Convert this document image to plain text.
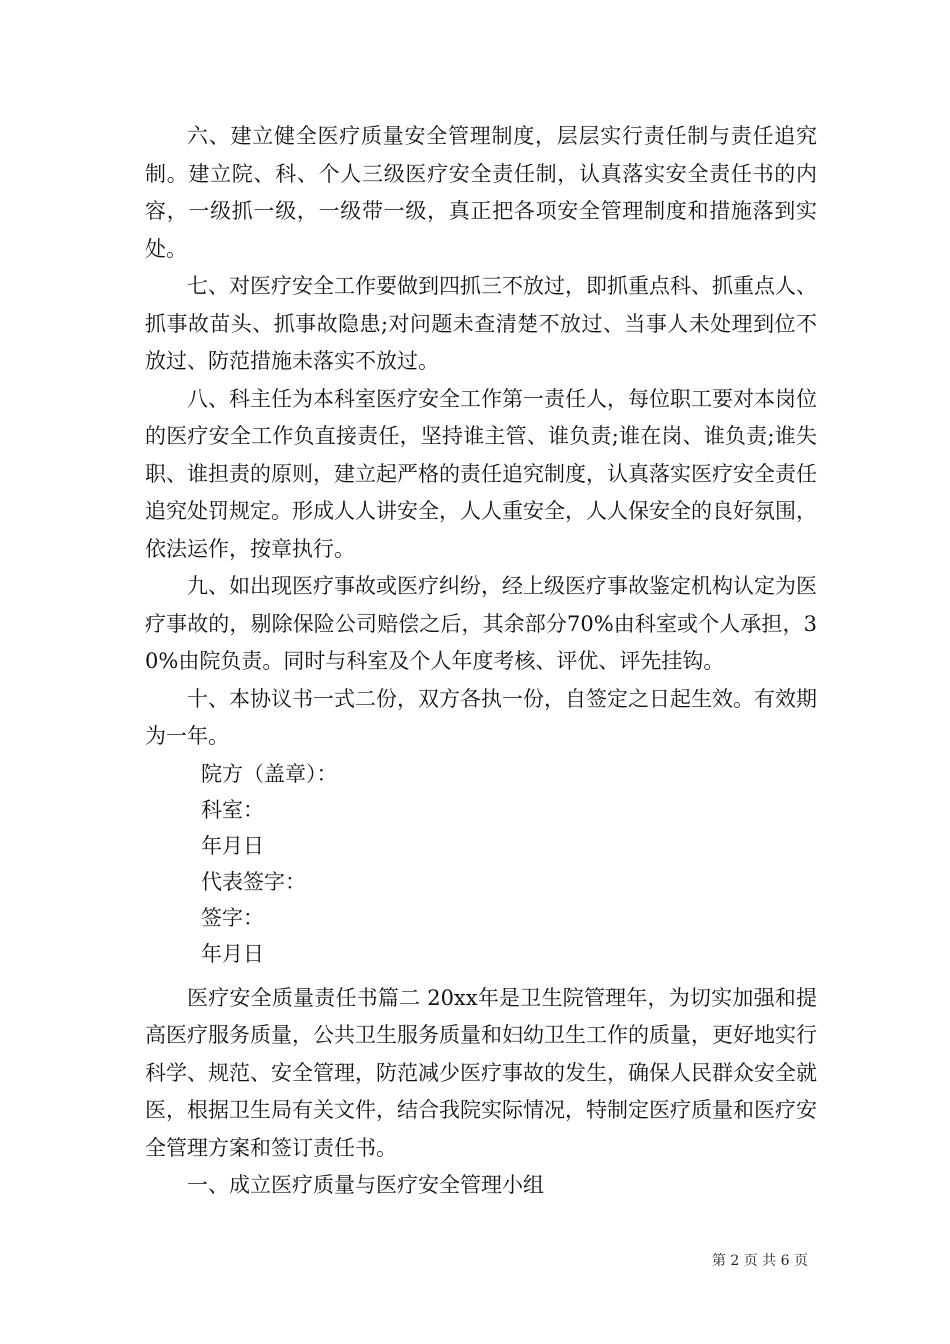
六、建立健全医疗质量安全管理制度，层层实行责任制与责任追究制。建立院、科、个人三级医疗安全责任制，认真落实安全责任书的内容，一级抓一级，一级带一级，真正把各项安全管理制度和措施落到实处。

七、对医疗安全工作要做到四抓三不放过，即抓重点科、抓重点人、抓事故苗头、抓事故隐患;对问题未查清楚不放过、当事人未处理到位不放过、防范措施未落实不放过。

八、科主任为本科室医疗安全工作第一责任人，每位职工要对本岗位的医疗安全工作负直接责任，坚持谁主管、谁负责;谁在岗、谁负责;谁失职、谁担责的原则，建立起严格的责任追究制度，认真落实医疗安全责任追究处罚规定。形成人人讲安全，人人重安全，人人保安全的良好氛围，依法运作，按章执行。

九、如出现医疗事故或医疗纠纷，经上级医疗事故鉴定机构认定为医疗事故的，剔除保险公司赔偿之后，其余部分70%由科室或个人承担，30%由院负责。同时与科室及个人年度考核、评优、评先挂钩。

十、本协议书一式二份，双方各执一份，自签定之日起生效。有效期为一年。

院方（盖章）：

科室：

年月日

代表签字：

签字：

年月日

医疗安全质量责任书篇二 20xx年是卫生院管理年，为切实加强和提高医疗服务质量，公共卫生服务质量和妇幼卫生工作的质量，更好地实行科学、规范、安全管理，防范减少医疗事故的发生，确保人民群众安全就医，根据卫生局有关文件，结合我院实际情况，特制定医疗质量和医疗安全管理方案和签订责任书。

一、成立医疗质量与医疗安全管理小组

第 2 页 共 6 页
